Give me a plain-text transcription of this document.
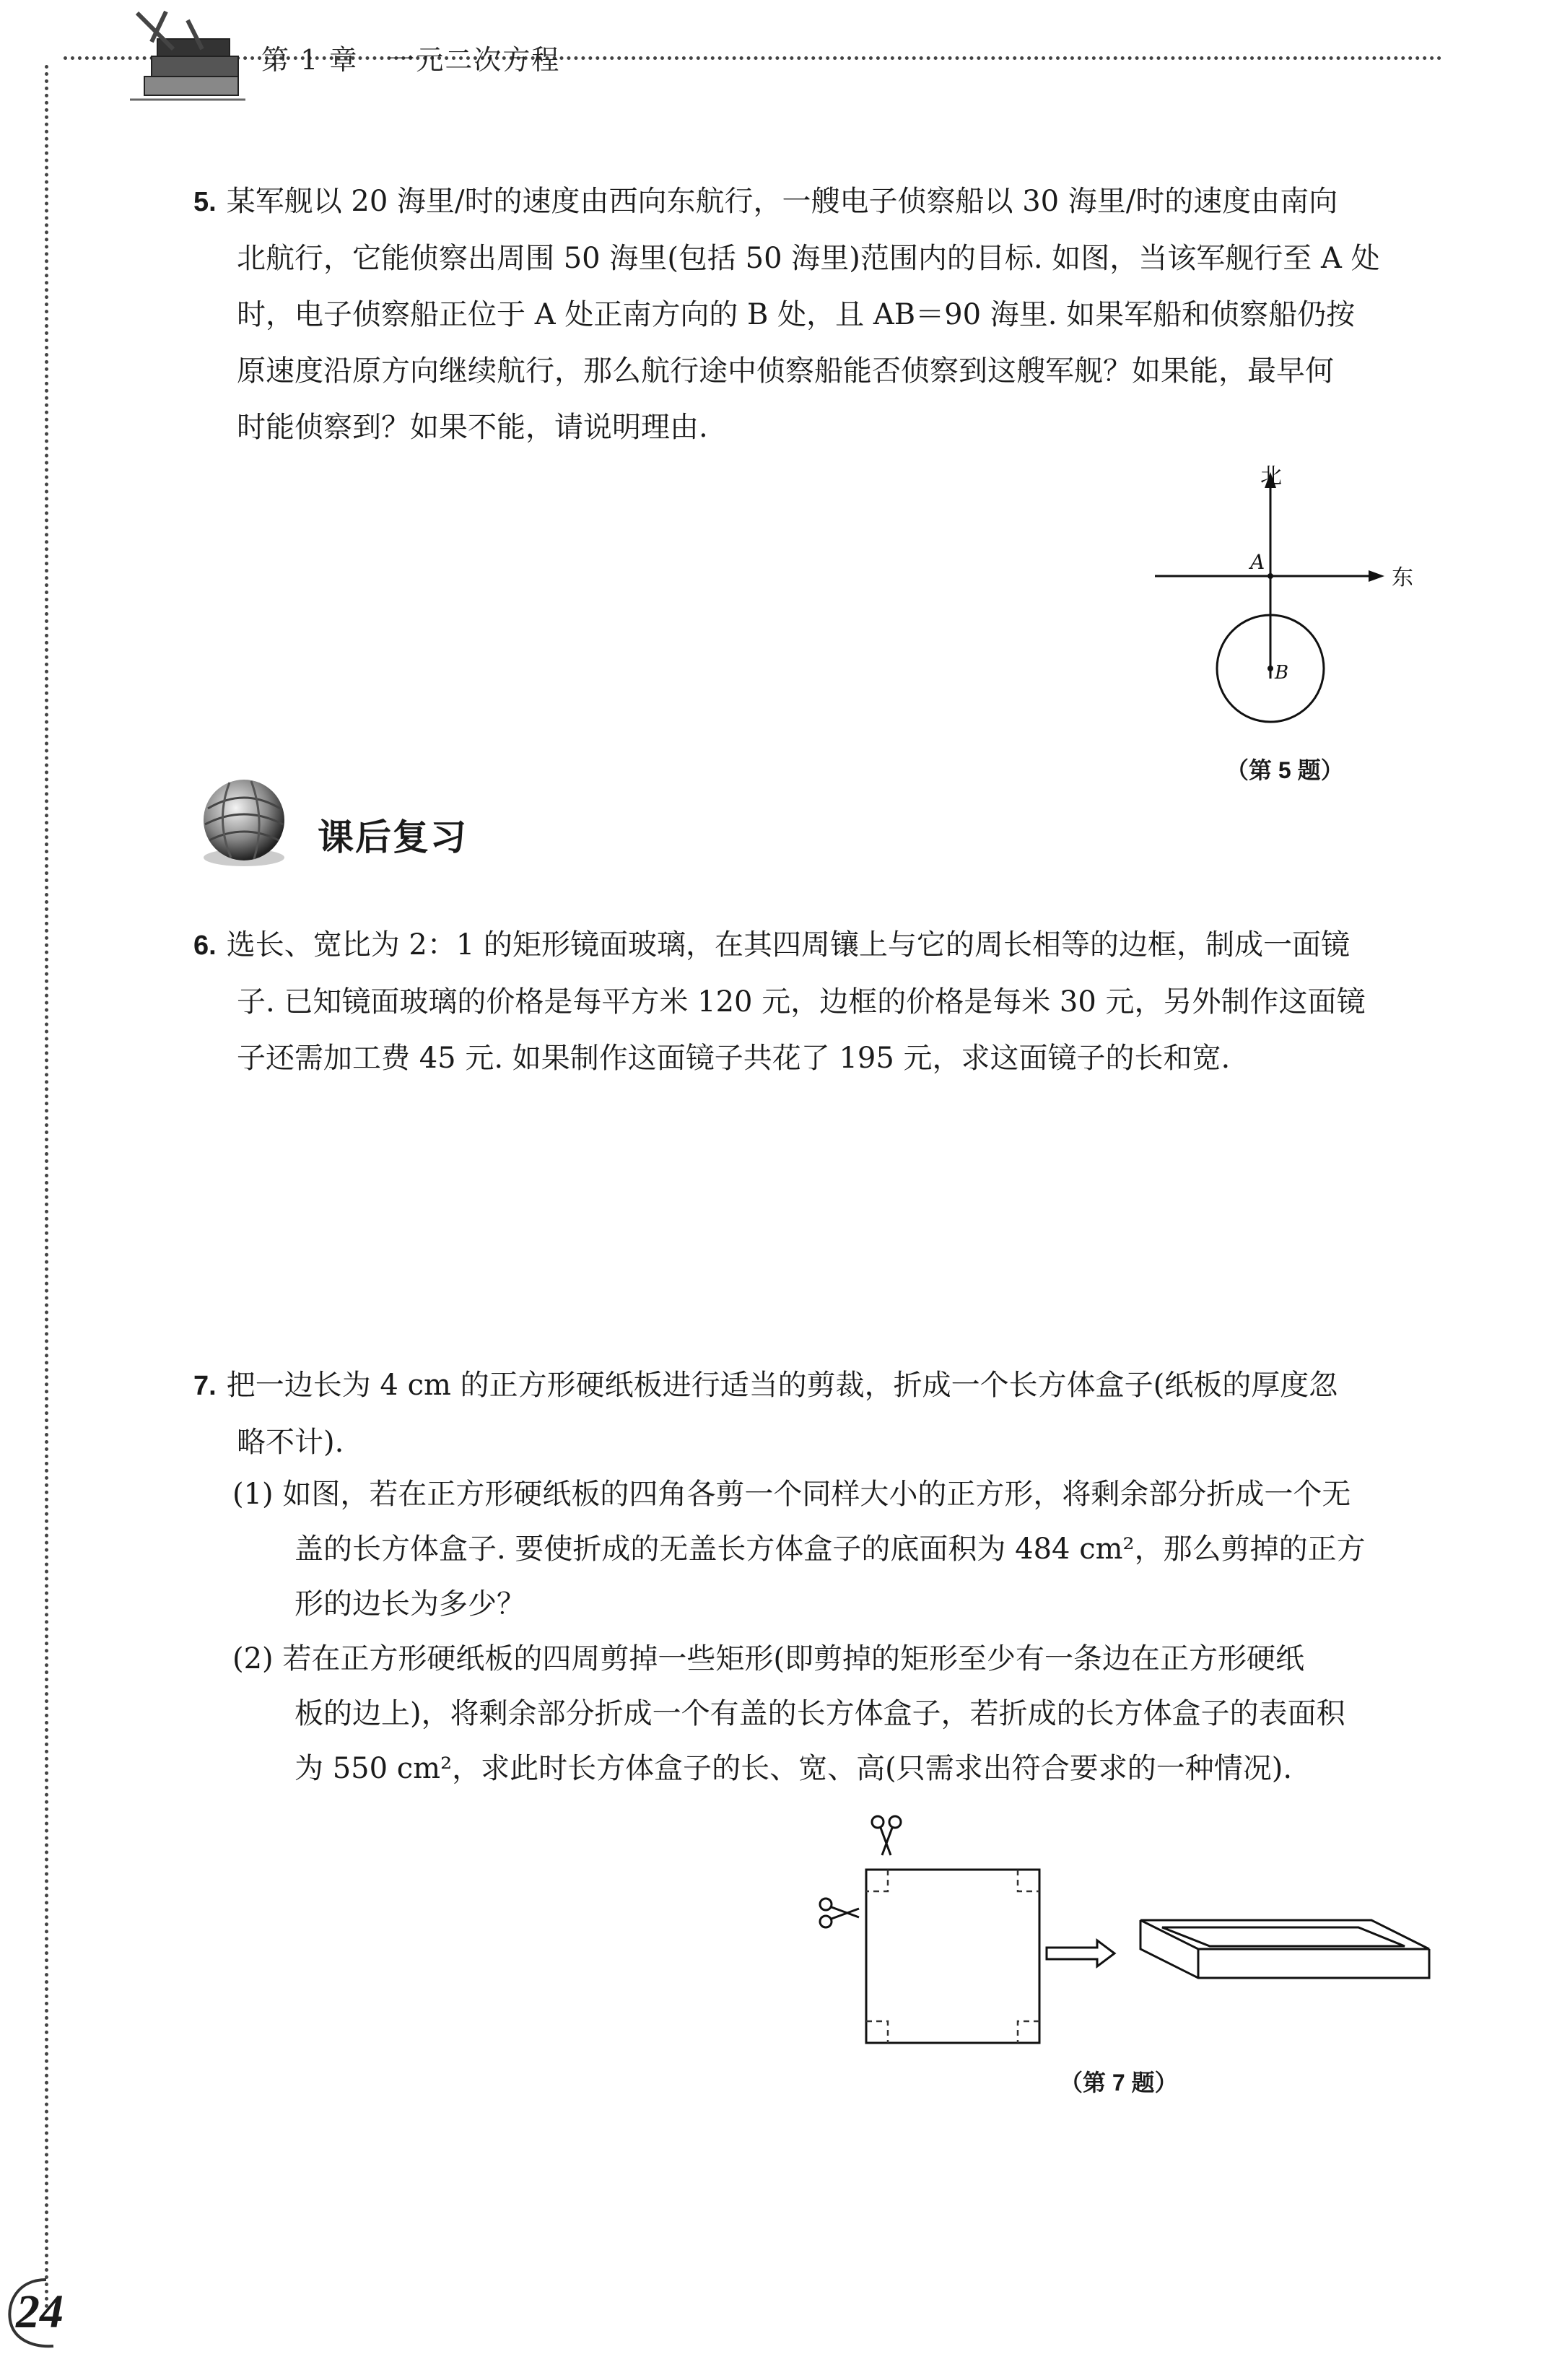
第 1 章 一元二次方程
5. 某军舰以 20 海里/时的速度由西向东航行，一艘电子侦察船以 30 海里/时的速度由南向
北航行，它能侦察出周围 50 海里(包括 50 海里)范围内的目标. 如图，当该军舰行至 A 处
时，电子侦察船正位于 A 处正南方向的 B 处，且 AB＝90 海里. 如果军船和侦察船仍按
原速度沿原方向继续航行，那么航行途中侦察船能否侦察到这艘军舰？如果能，最早何
时能侦察到？如果不能，请说明理由.
北
东
A
B
（第 5 题）
课后复习
6. 选长、宽比为 2：1 的矩形镜面玻璃，在其四周镶上与它的周长相等的边框，制成一面镜
子. 已知镜面玻璃的价格是每平方米 120 元，边框的价格是每米 30 元，另外制作这面镜
子还需加工费 45 元. 如果制作这面镜子共花了 195 元，求这面镜子的长和宽.
7. 把一边长为 4 cm 的正方形硬纸板进行适当的剪裁，折成一个长方体盒子(纸板的厚度忽
略不计).
(1) 如图，若在正方形硬纸板的四角各剪一个同样大小的正方形，将剩余部分折成一个无
盖的长方体盒子. 要使折成的无盖长方体盒子的底面积为 484 cm²，那么剪掉的正方
形的边长为多少？
(2) 若在正方形硬纸板的四周剪掉一些矩形(即剪掉的矩形至少有一条边在正方形硬纸
板的边上)，将剩余部分折成一个有盖的长方体盒子，若折成的长方体盒子的表面积
为 550 cm²，求此时长方体盒子的长、宽、高(只需求出符合要求的一种情况).
（第 7 题）
24
